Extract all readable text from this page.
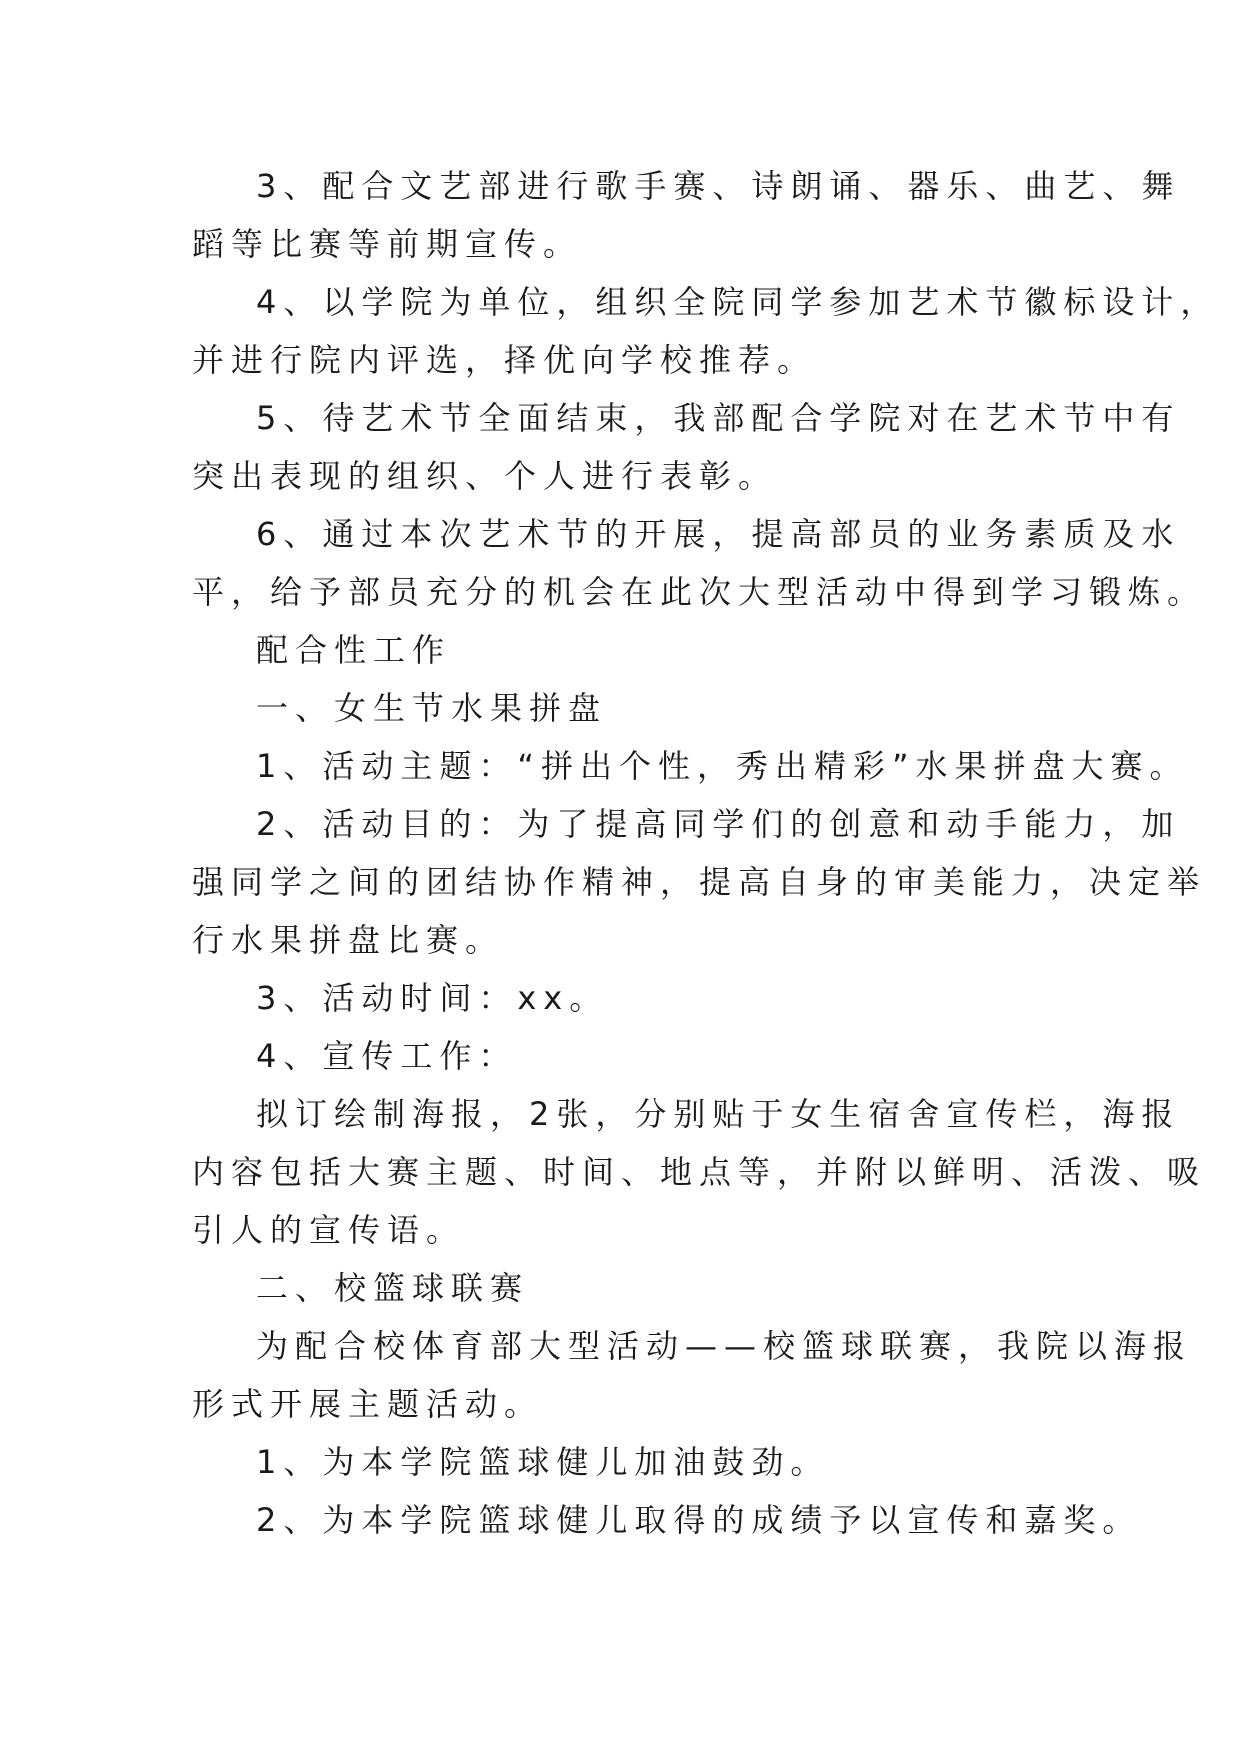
3、配合文艺部进行歌手赛、诗朗诵、器乐、曲艺、舞
蹈等比赛等前期宣传。
4、以学院为单位，组织全院同学参加艺术节徽标设计，
并进行院内评选，择优向学校推荐。
5、待艺术节全面结束，我部配合学院对在艺术节中有
突出表现的组织、个人进行表彰。
6、通过本次艺术节的开展，提高部员的业务素质及水
平，给予部员充分的机会在此次大型活动中得到学习锻炼。
配合性工作
一、女生节水果拼盘
1、活动主题：“拼出个性，秀出精彩”水果拼盘大赛。
2、活动目的：为了提高同学们的创意和动手能力，加
强同学之间的团结协作精神，提高自身的审美能力，决定举
行水果拼盘比赛。
3、活动时间：xx。
4、宣传工作：
拟订绘制海报，2张，分别贴于女生宿舍宣传栏，海报
内容包括大赛主题、时间、地点等，并附以鲜明、活泼、吸
引人的宣传语。
二、校篮球联赛
为配合校体育部大型活动——校篮球联赛，我院以海报
形式开展主题活动。
1、为本学院篮球健儿加油鼓劲。
2、为本学院篮球健儿取得的成绩予以宣传和嘉奖。
